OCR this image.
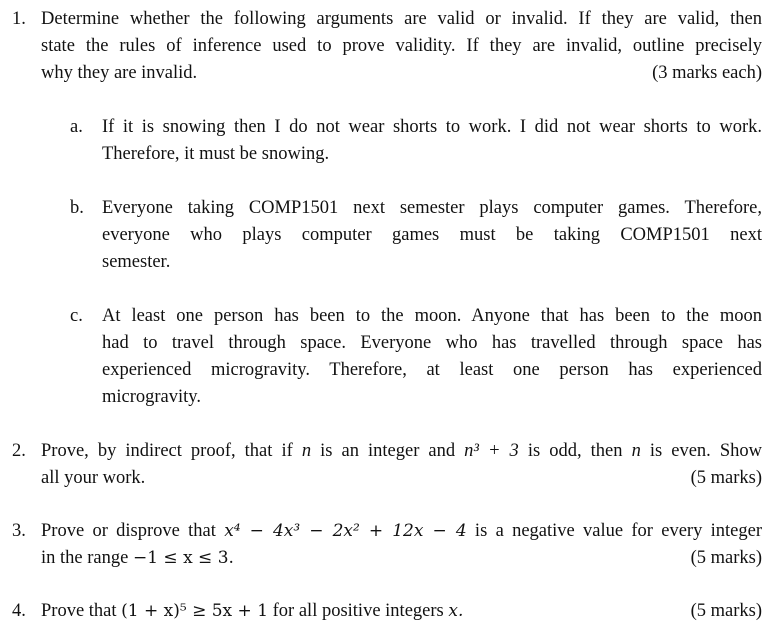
1. Determine whether the following arguments are valid or invalid. If they are valid, then
state the rules of inference used to prove validity. If they are invalid, outline precisely
why they are invalid.	(3 marks each)
a.	If it is snowing then I do not wear shorts to work. I did not wear shorts to work.
Therefore, it must be snowing.
b. Everyone taking COMP1501 next semester plays computer games. Therefore,
everyone who plays computer games must be taking COMP1501 next
semester.
c.	At least one person has been to the moon. Anyone that has been to the moon
had to travel through space. Everyone who has travelled through space has
experienced microgravity. Therefore, at least one person has experienced
microgravity.
2. Prove, by indirect proof, that if n is an integer and n³ + 3 is odd, then n is even. Show
all your work.	(5 marks)
3. Prove or disprove that x⁴ − 4x³ − 2x² + 12x − 4 is a negative value for every integer
in the range −1 ≤ x ≤ 3.	(5 marks)
4. Prove that (1 + x)⁵ ≥ 5x + 1 for all positive integers x.	(5 marks)
